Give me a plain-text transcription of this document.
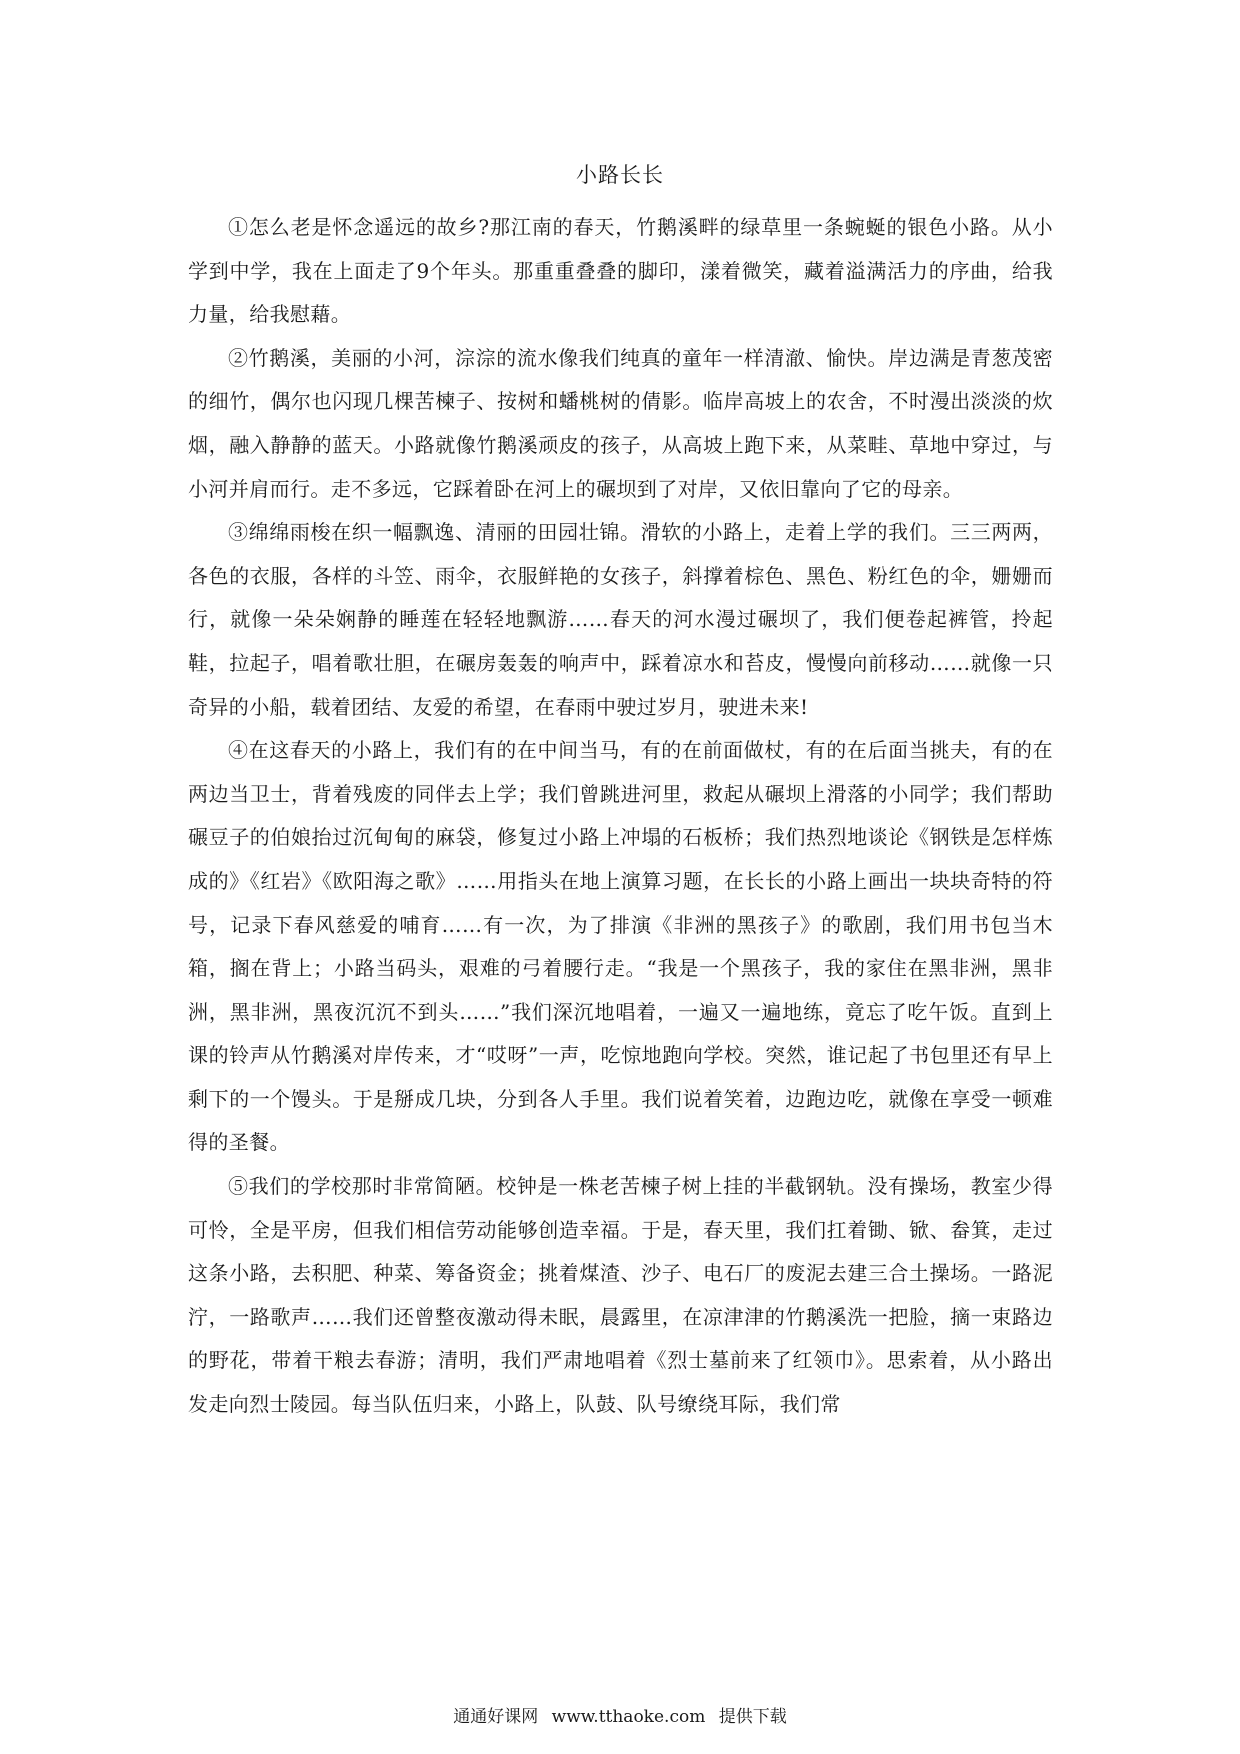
小路长长

①怎么老是怀念遥远的故乡?那江南的春天，竹鹅溪畔的绿草里一条蜿蜒的银色小路。从小学到中学，我在上面走了9个年头。那重重叠叠的脚印，漾着微笑，藏着溢满活力的序曲，给我力量，给我慰藉。

②竹鹅溪，美丽的小河，淙淙的流水像我们纯真的童年一样清澈、愉快。岸边满是青葱茂密的细竹，偶尔也闪现几棵苦楝子、按树和蟠桃树的倩影。临岸高坡上的农舍，不时漫出淡淡的炊烟，融入静静的蓝天。小路就像竹鹅溪顽皮的孩子，从高坡上跑下来，从菜畦、草地中穿过，与小河并肩而行。走不多远，它踩着卧在河上的碾坝到了对岸，又依旧靠向了它的母亲。

③绵绵雨梭在织一幅飘逸、清丽的田园壮锦。滑软的小路上，走着上学的我们。三三两两，各色的衣服，各样的斗笠、雨伞，衣服鲜艳的女孩子，斜撑着棕色、黑色、粉红色的伞，姗姗而行，就像一朵朵娴静的睡莲在轻轻地飘游……春天的河水漫过碾坝了，我们便卷起裤管，拎起鞋，拉起子，唱着歌壮胆，在碾房轰轰的响声中，踩着凉水和苔皮，慢慢向前移动……就像一只奇异的小船，载着团结、友爱的希望，在春雨中驶过岁月，驶进未来!

④在这春天的小路上，我们有的在中间当马，有的在前面做杖，有的在后面当挑夫，有的在两边当卫士，背着残废的同伴去上学；我们曾跳进河里，救起从碾坝上滑落的小同学；我们帮助碾豆子的伯娘抬过沉甸甸的麻袋，修复过小路上冲塌的石板桥；我们热烈地谈论《钢铁是怎样炼成的》《红岩》《欧阳海之歌》……用指头在地上演算习题，在长长的小路上画出一块块奇特的符号，记录下春风慈爱的哺育……有一次，为了排演《非洲的黑孩子》的歌剧，我们用书包当木箱，搁在背上；小路当码头，艰难的弓着腰行走。“我是一个黑孩子，我的家住在黑非洲，黑非洲，黑非洲，黑夜沉沉不到头……”我们深沉地唱着，一遍又一遍地练，竟忘了吃午饭。直到上课的铃声从竹鹅溪对岸传来，才“哎呀”一声，吃惊地跑向学校。突然，谁记起了书包里还有早上剩下的一个馒头。于是掰成几块，分到各人手里。我们说着笑着，边跑边吃，就像在享受一顿难得的圣餐。

⑤我们的学校那时非常简陋。校钟是一株老苦楝子树上挂的半截钢轨。没有操场，教室少得可怜，全是平房，但我们相信劳动能够创造幸福。于是，春天里，我们扛着锄、锨、畚箕，走过这条小路，去积肥、种菜、筹备资金；挑着煤渣、沙子、电石厂的废泥去建三合土操场。一路泥泞，一路歌声……我们还曾整夜激动得未眠，晨露里，在凉津津的竹鹅溪洗一把脸，摘一束路边的野花，带着干粮去春游；清明，我们严肃地唱着《烈士墓前来了红领巾》。思索着，从小路出发走向烈士陵园。每当队伍归来，小路上，队鼓、队号缭绕耳际，我们常

通通好课网 www.tthaoke.com 提供下载
